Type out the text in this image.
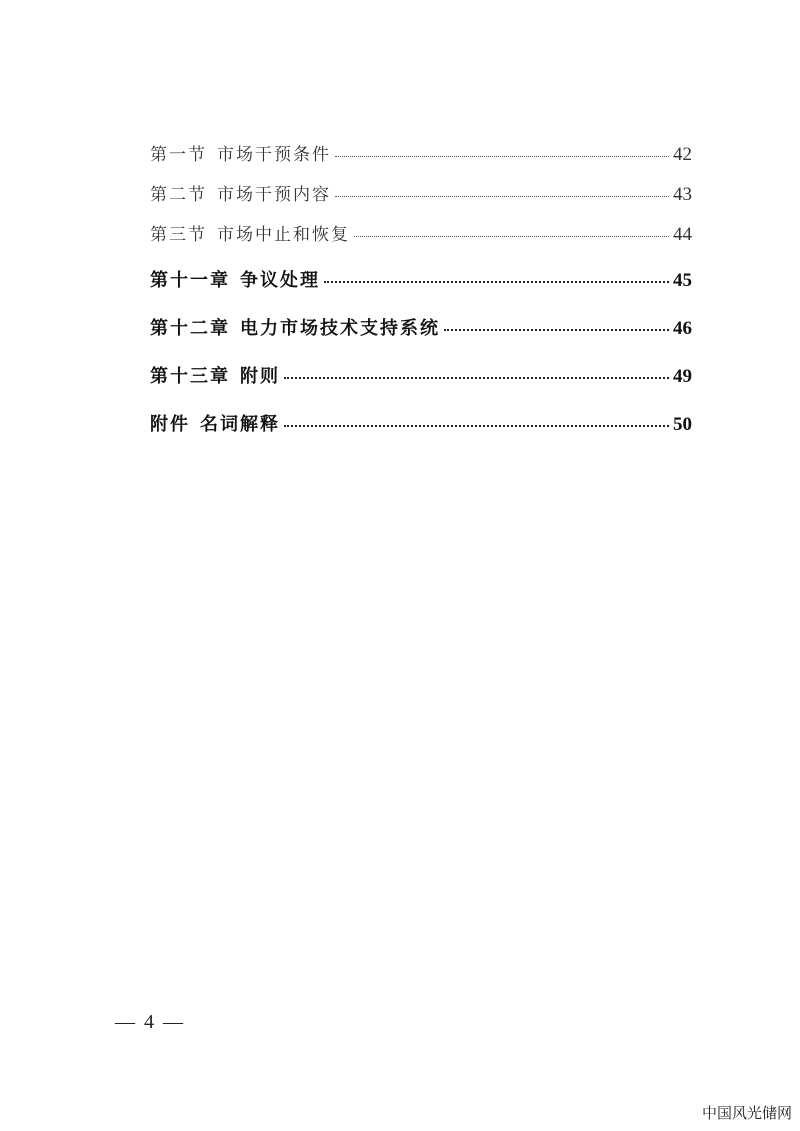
第一节 市场干预条件	42
第二节 市场干预内容	43
第三节 市场中止和恢复	44
第十一章 争议处理	45
第十二章 电力市场技术支持系统	46
第十三章 附则	49
附件 名词解释	50
— 4 —
中国风光储网
